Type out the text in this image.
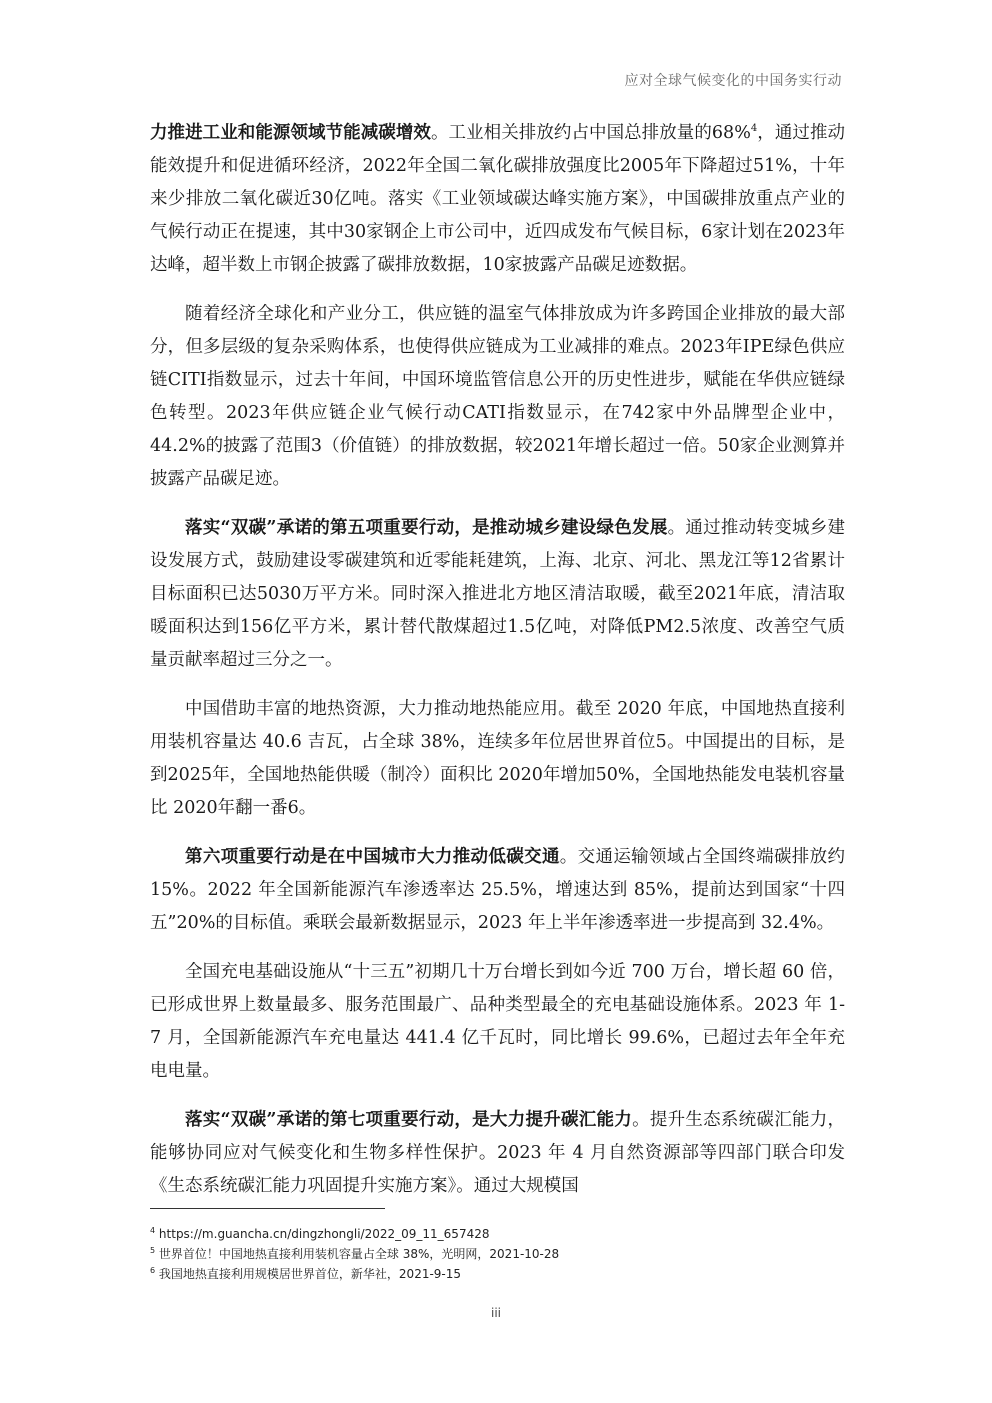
应对全球气候变化的中国务实行动

力推进工业和能源领域节能减碳增效。工业相关排放约占中国总排放量的68%$^4$，通过推动能效提升和促进循环经济，2022年全国二氧化碳排放强度比2005年下降超过51%，十年来少排放二氧化碳近30亿吨。落实《工业领域碳达峰实施方案》，中国碳排放重点产业的气候行动正在提速，其中30家钢企上市公司中，近四成发布气候目标，6家计划在2023年达峰，超半数上市钢企披露了碳排放数据，10家披露产品碳足迹数据。

随着经济全球化和产业分工，供应链的温室气体排放成为许多跨国企业排放的最大部分，但多层级的复杂采购体系，也使得供应链成为工业减排的难点。2023年IPE绿色供应链CITI指数显示，过去十年间，中国环境监管信息公开的历史性进步，赋能在华供应链绿色转型。2023年供应链企业气候行动CATI指数显示，在742家中外品牌型企业中，44.2%的披露了范围3（价值链）的排放数据，较2021年增长超过一倍。50家企业测算并披露产品碳足迹。

落实“双碳”承诺的第五项重要行动，是推动城乡建设绿色发展。通过推动转变城乡建设发展方式，鼓励建设零碳建筑和近零能耗建筑，上海、北京、河北、黑龙江等12省累计目标面积已达5030万平方米。同时深入推进北方地区清洁取暖，截至2021年底，清洁取暖面积达到156亿平方米，累计替代散煤超过1.5亿吨，对降低PM2.5浓度、改善空气质量贡献率超过三分之一。

中国借助丰富的地热资源，大力推动地热能应用。截至 2020 年底，中国地热直接利用装机容量达 40.6 吉瓦，占全球 38%，连续多年位居世界首位5。中国提出的目标，是到2025年，全国地热能供暖（制冷）面积比 2020年增加50%，全国地热能发电装机容量比 2020年翻一番6。

第六项重要行动是在中国城市大力推动低碳交通。交通运输领域占全国终端碳排放约 15%。2022 年全国新能源汽车渗透率达 25.5%，增速达到 85%，提前达到国家“十四五”20%的目标值。乘联会最新数据显示，2023 年上半年渗透率进一步提高到 32.4%。

全国充电基础设施从“十三五”初期几十万台增长到如今近 700 万台，增长超 60 倍，已形成世界上数量最多、服务范围最广、品种类型最全的充电基础设施体系。2023 年 1-7 月，全国新能源汽车充电量达 441.4 亿千瓦时，同比增长 99.6%，已超过去年全年充电电量。

落实“双碳”承诺的第七项重要行动，是大力提升碳汇能力。提升生态系统碳汇能力，能够协同应对气候变化和生物多样性保护。2023 年 4 月自然资源部等四部门联合印发《生态系统碳汇能力巩固提升实施方案》。通过大规模国

$^4$ https://m.guancha.cn/dingzhongli/2022_09_11_657428
$^5$ 世界首位！中国地热直接利用装机容量占全球 38%，光明网，2021-10-28
$^6$ 我国地热直接利用规模居世界首位，新华社，2021-9-15
iii
